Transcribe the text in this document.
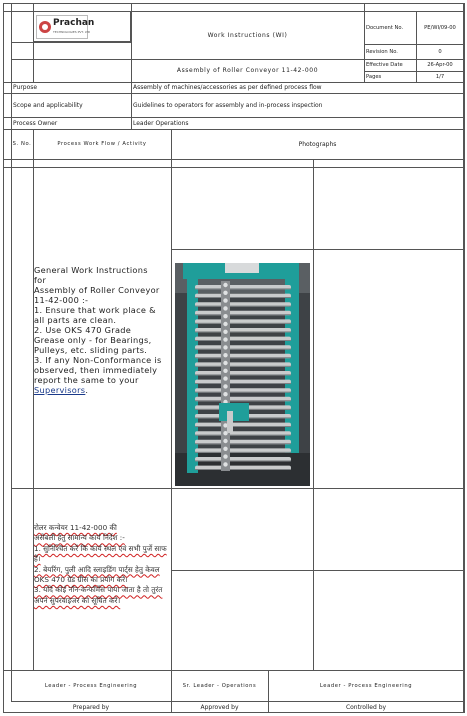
Prachan
TECHNOLOGIES PVT. LTD	Work Instructions (WI)
Assembly of Roller Conveyor 11-42-000
Document No.	PE/WI/09-00
Revision No.	0
Effective Date	26-Apr-00
Pages	1/7
Purpose	Assembly of machines/accessories as per defined process flow
Scope and applicability	Guidelines to operators for assembly and in-process inspection
Process Owner	Leader Operations
S. No.	Process Work Flow / Activity	Photographs
General Work Instructions for
Assembly of Roller Conveyor
11-42-000 :-
1. Ensure that work place & all parts are clean.
2. Use OKS 470 Grade Grease only - for Bearings, Pulleys, etc. sliding parts.
3. If any Non-Conformance is observed, then immediately report the same to your Supervisors.
रोलर कन्वेयर 11-42-000 की
असेंबली हेतु सामान्य कार्य निर्देश :-
1. सुनिश्चित करें कि कार्य स्थल एवं सभी पुर्जे साफ हैं।
2. बेयरिंग, पुली आदि स्लाइडिंग पार्ट्स हेतु केवल
OKS 470 ग्रेड ग्रीस का प्रयोग करें।
3. यदि कोई नॉन-कन्फॉर्मेंस पाया जाता है तो तुरंत अपने सुपरवाइजर को सूचित करें।
Leader - Process Engineering	Sr. Leader - Operations	Leader - Process Engineering
Prepared by	Approved by	Controlled by
